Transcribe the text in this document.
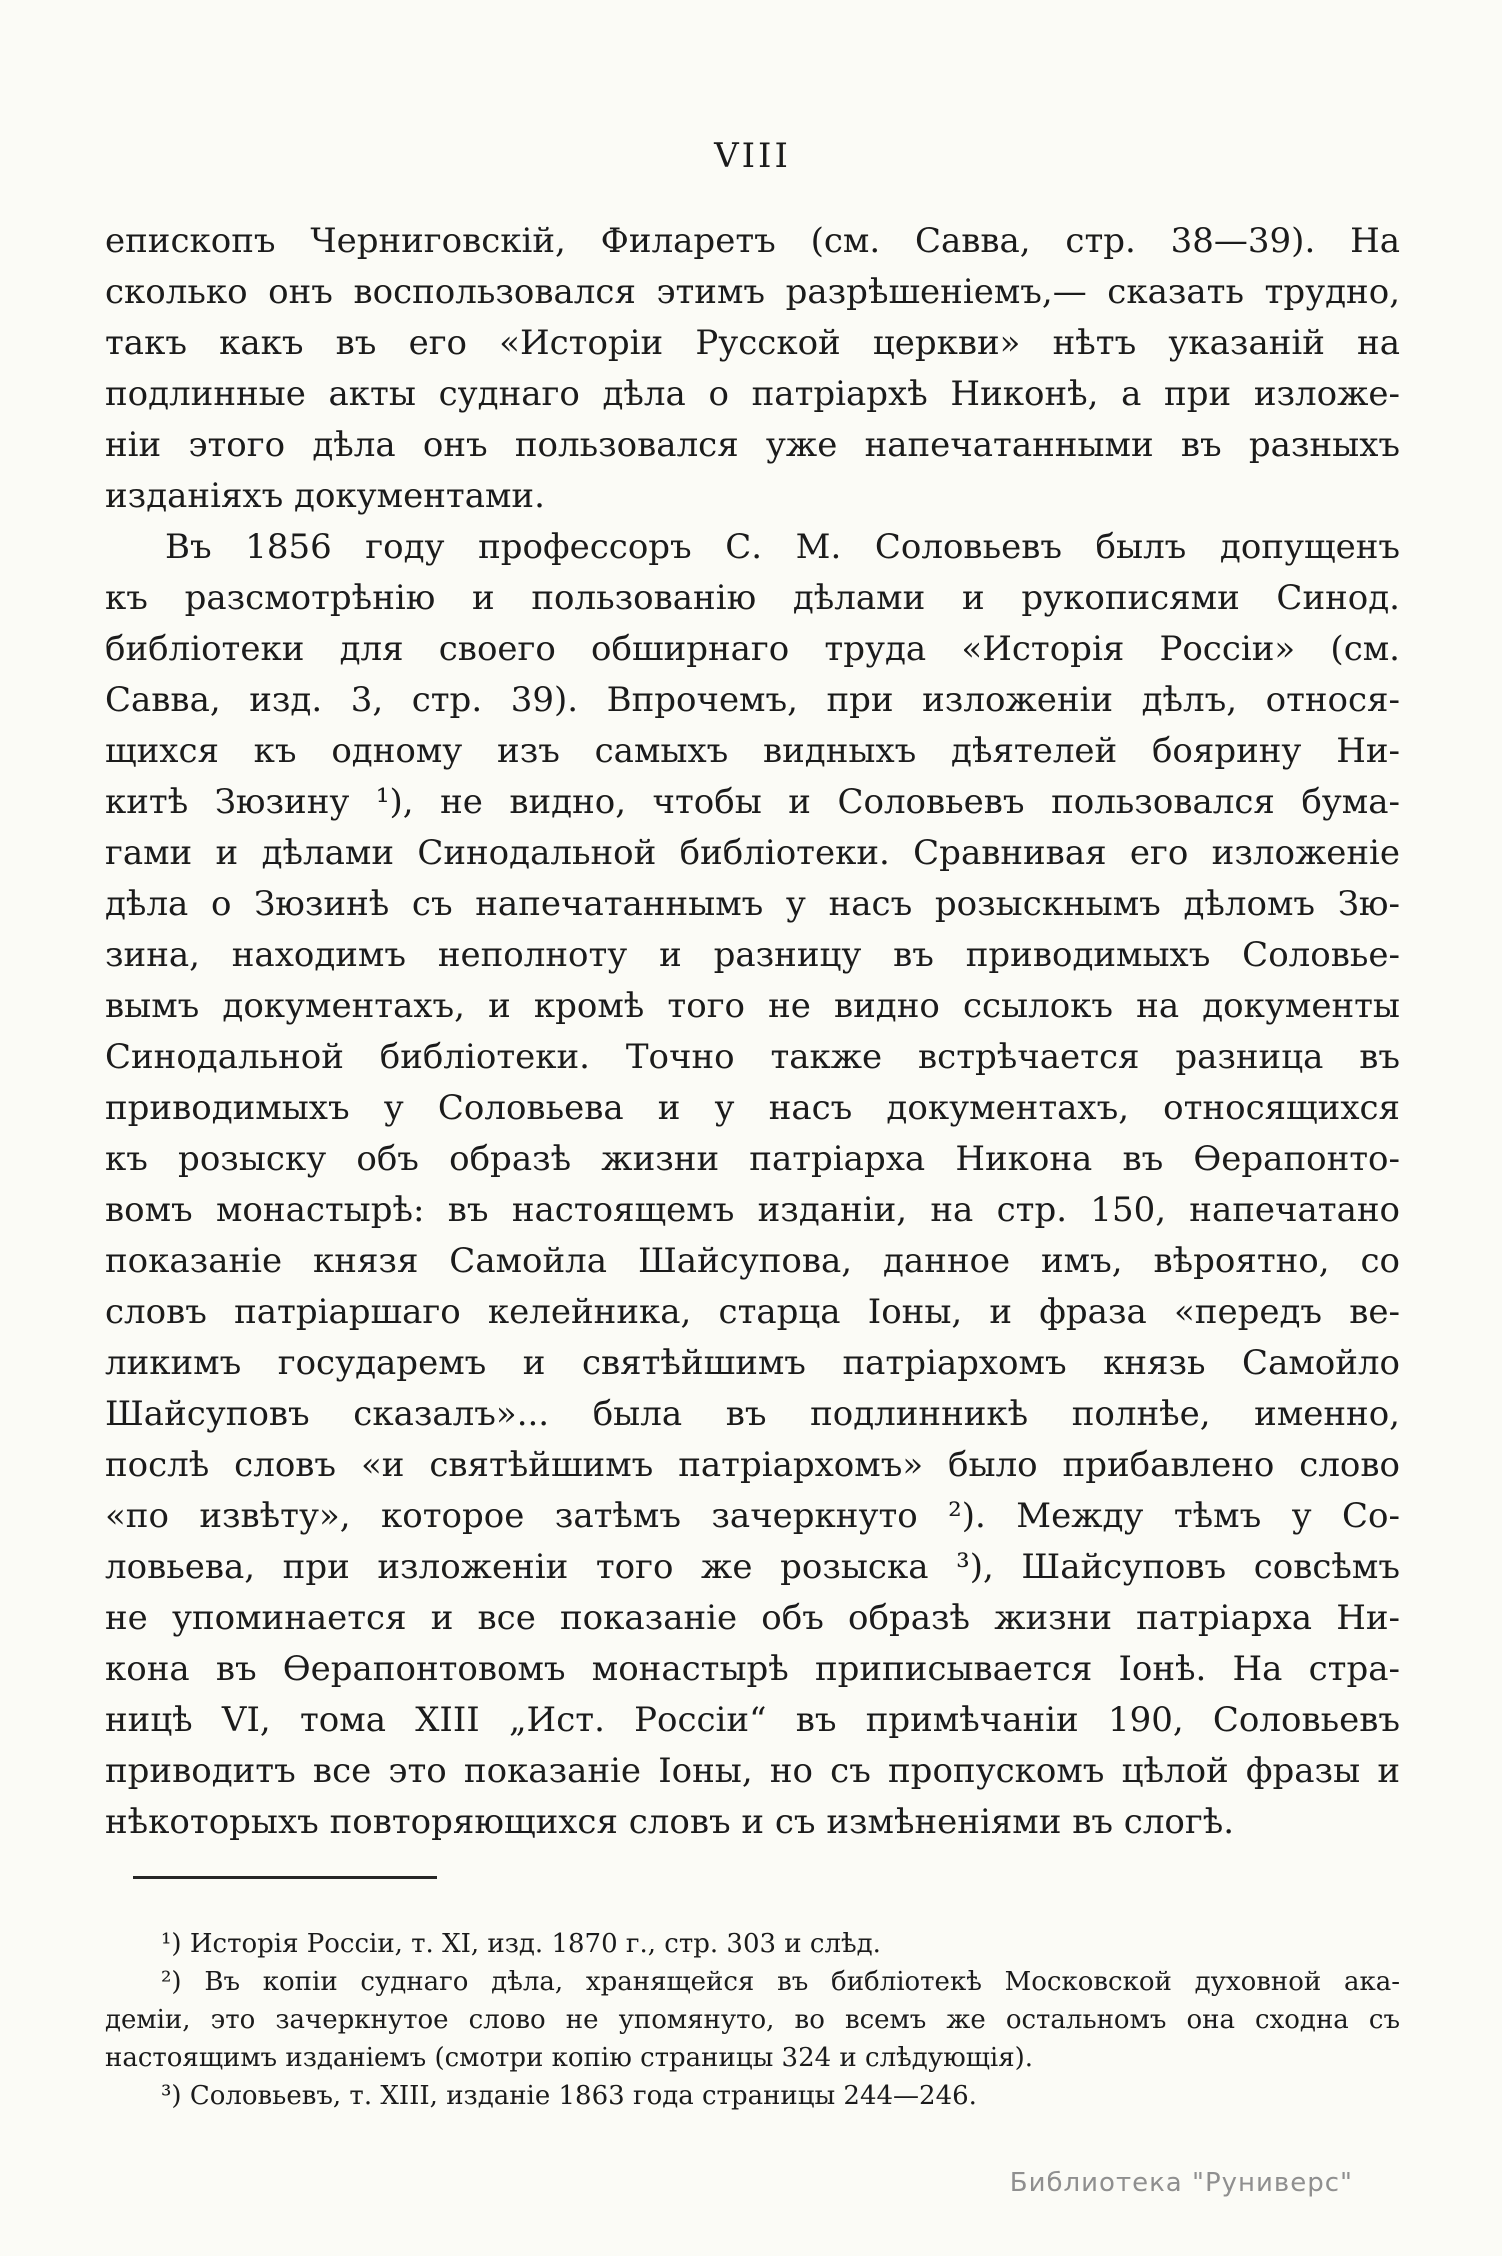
VIII
епископъ Черниговскій, Филаретъ (см. Савва, стр. 38—39). На
сколько онъ воспользовался этимъ разрѣшеніемъ,— сказать трудно,
такъ какъ въ его «Исторіи Русской церкви» нѣтъ указаній на
подлинные акты суднаго дѣла о патріархѣ Никонѣ, а при изложе-
ніи этого дѣла онъ пользовался уже напечатанными въ разныхъ
изданіяхъ документами.
Въ 1856 году профессоръ С. М. Соловьевъ былъ допущенъ
къ разсмотрѣнію и пользованію дѣлами и рукописями Синод.
библіотеки для своего обширнаго труда «Исторія Россіи» (см.
Савва, изд. 3, стр. 39). Впрочемъ, при изложеніи дѣлъ, относя-
щихся къ одному изъ самыхъ видныхъ дѣятелей боярину Ни-
китѣ Зюзину ¹), не видно, чтобы и Соловьевъ пользовался бума-
гами и дѣлами Синодальной библіотеки. Сравнивая его изложеніе
дѣла о Зюзинѣ съ напечатаннымъ у насъ розыскнымъ дѣломъ Зю-
зина, находимъ неполноту и разницу въ приводимыхъ Соловье-
вымъ документахъ, и кромѣ того не видно ссылокъ на документы
Синодальной библіотеки. Точно также встрѣчается разница въ
приводимыхъ у Соловьева и у насъ документахъ, относящихся
къ розыску объ образѣ жизни патріарха Никона въ Ѳерапонто-
вомъ монастырѣ: въ настоящемъ изданіи, на стр. 150, напечатано
показаніе князя Самойла Шайсупова, данное имъ, вѣроятно, со
словъ патріаршаго келейника, старца Іоны, и фраза «передъ ве-
ликимъ государемъ и святѣйшимъ патріархомъ князь Самойло
Шайсуповъ сказалъ»... была въ подлинникѣ полнѣе, именно,
послѣ словъ «и святѣйшимъ патріархомъ» было прибавлено слово
«по извѣту», которое затѣмъ зачеркнуто ²). Между тѣмъ у Со-
ловьева, при изложеніи того же розыска ³), Шайсуповъ совсѣмъ
не упоминается и все показаніе объ образѣ жизни патріарха Ни-
кона въ Ѳерапонтовомъ монастырѣ приписывается Іонѣ. На стра-
ницѣ VI, тома XIII „Ист. Россіи“ въ примѣчаніи 190, Соловьевъ
приводитъ все это показаніе Іоны, но съ пропускомъ цѣлой фразы и
нѣкоторыхъ повторяющихся словъ и съ измѣненіями въ слогѣ.
¹) Исторія Россіи, т. XI, изд. 1870 г., стр. 303 и слѣд.
²) Въ копіи суднаго дѣла, хранящейся въ библіотекѣ Московской духовной ака-
деміи, это зачеркнутое слово не упомянуто, во всемъ же остальномъ она сходна съ
настоящимъ изданіемъ (смотри копію страницы 324 и слѣдующія).
³) Соловьевъ, т. XIII, изданіе 1863 года страницы 244—246.
Библиотека "Руниверс"
